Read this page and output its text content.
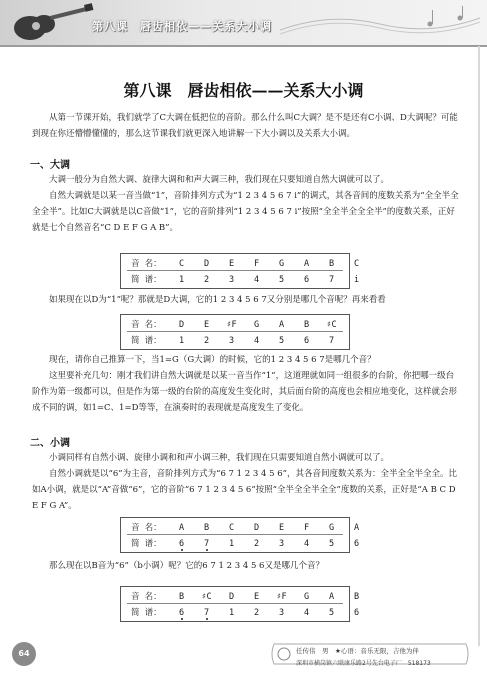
第八课　唇齿相依——关系大小调
第八课　唇齿相依——关系大小调

从第一节课开始，我们就学了C大调在低把位的音阶。那么什么叫C大调？是不是还有C小调、D大调呢？可能到现在你还懵懵懂懂的，那么这节课我们就更深入地讲解一下大小调以及关系大小调。

一、大调

大调一般分为自然大调、旋律大调和和声大调三种，我们现在只要知道自然大调就可以了。

自然大调就是以某一音当做“1”，音阶排列方式为“1 2 3 4 5 6 7 i”的调式，其各音间的度数关系为“全全半全全全半”。比如C大调就是以C音做“1”，它的音阶排列“1 2 3 4 5 6 7 i”按照“全全半全全全半”的度数关系，正好就是七个自然音名“C D E F G A B”。

音 名： C D E F G A B C
简 谱： 1 2 3 4 5 6 7 i

如果现在以D为“1”呢？那就是D大调，它的1 2 3 4 5 6 7又分别是哪几个音呢？再来看看

音 名： D E ♯F G A B ♯C
简 谱： 1 2 3 4 5 6 7

现在，请你自己推算一下，当1=G（G大调）的时候，它的1 2 3 4 5 6 7是哪几个音？

这里要补充几句：刚才我们讲自然大调就是以某一音当作“1”，这道理就如同一组很多的台阶，你把哪一级台阶作为第一级都可以，但是作为第一级的台阶的高度发生变化时，其后面台阶的高度也会相应地变化，这样就会形成不同的调，如1=C、1=D等等，在演奏时的表现就是高度发生了变化。

二、小调

小调同样有自然小调、旋律小调和和声小调三种，我们现在只需要知道自然小调就可以了。

自然小调就是以“6”为主音，音阶排列方式为“6 7 1 2 3 4 5 6”，其各音间度数关系为：全半全全半全全。比如A小调，就是以“A”音做“6”，它的音阶“6 7 1 2 3 4 5 6”按照“全半全全半全全”度数的关系，正好是“A B C D E F G A”。

音 名： A B C D E F G A
简 谱： 6 7 1 2 3 4 5 6

那么现在以B音为“6”（b小调）呢？它的6 7 1 2 3 4 5 6又是哪几个音？

音 名： B ♯C D E ♯F G A B
简 谱： 6 7 1 2 3 4 5 6
64	任传伟　男　★心语：音乐无限，吉他为伴
深圳市横岗镇六联康乐路2号先台电子厂　518173
